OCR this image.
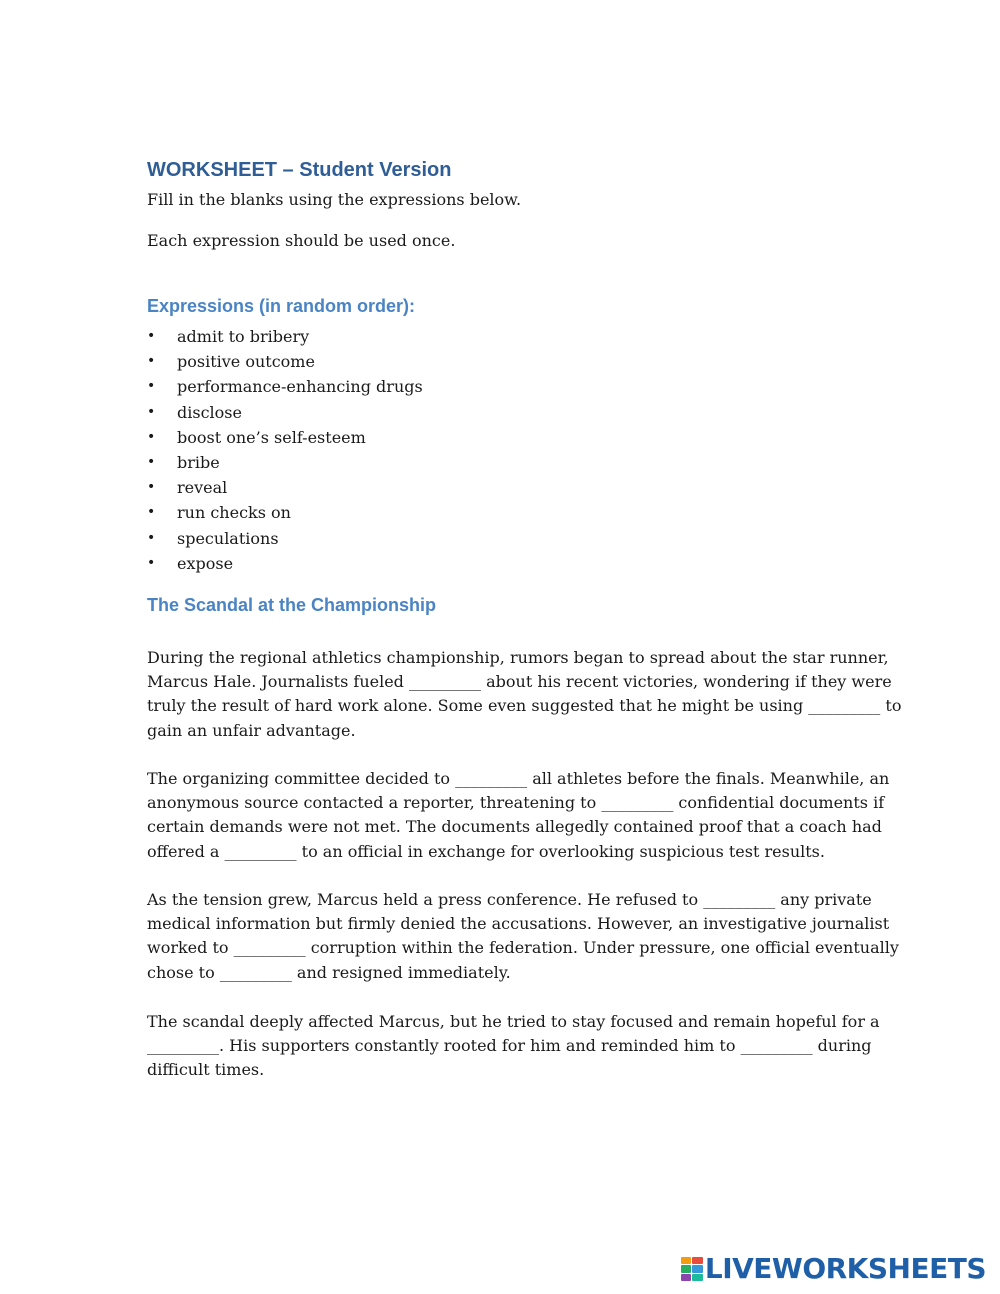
WORKSHEET – Student Version

Fill in the blanks using the expressions below.

Each expression should be used once.

Expressions (in random order):
• admit to bribery
• positive outcome
• performance-enhancing drugs
• disclose
• boost one’s self-esteem
• bribe
• reveal
• run checks on
• speculations
• expose
The Scandal at the Championship
During the regional athletics championship, rumors began to spread about the star runner,
Marcus Hale. Journalists fueled _________ about his recent victories, wondering if they were
truly the result of hard work alone. Some even suggested that he might be using _________ to
gain an unfair advantage.
The organizing committee decided to _________ all athletes before the finals. Meanwhile, an
anonymous source contacted a reporter, threatening to _________ confidential documents if
certain demands were not met. The documents allegedly contained proof that a coach had
offered a _________ to an official in exchange for overlooking suspicious test results.
As the tension grew, Marcus held a press conference. He refused to _________ any private
medical information but firmly denied the accusations. However, an investigative journalist
worked to _________ corruption within the federation. Under pressure, one official eventually
chose to _________ and resigned immediately.
The scandal deeply affected Marcus, but he tried to stay focused and remain hopeful for a
_________. His supporters constantly rooted for him and reminded him to _________ during
difficult times.
LIVEWORKSHEETS
